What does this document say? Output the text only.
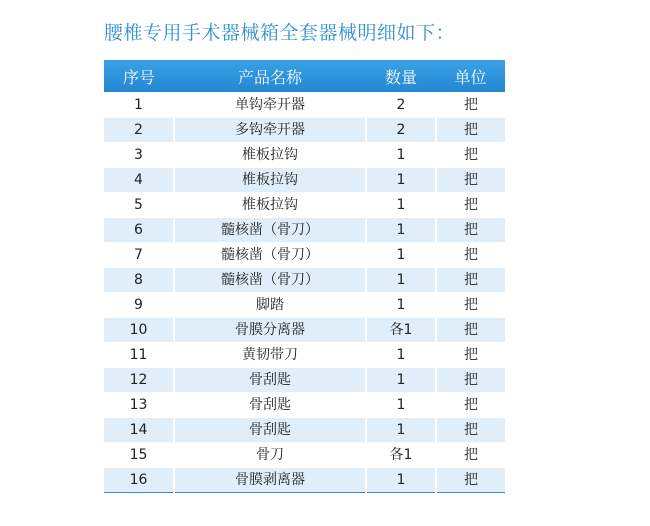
腰椎专用手术器械箱全套器械明细如下：
序号	产品名称	数量	单位
1	单钩牵开器	2	把
2	多钩牵开器	2	把
3	椎板拉钩	1	把
4	椎板拉钩	1	把
5	椎板拉钩	1	把
6	髓核凿（骨刀）	1	把
7	髓核凿（骨刀）	1	把
8	髓核凿（骨刀）	1	把
9	脚踏	1	把
10	骨膜分离器	各1	把
11	黄韧带刀	1	把
12	骨刮匙	1	把
13	骨刮匙	1	把
14	骨刮匙	1	把
15	骨刀	各1	把
16	骨膜剥离器	1	把
